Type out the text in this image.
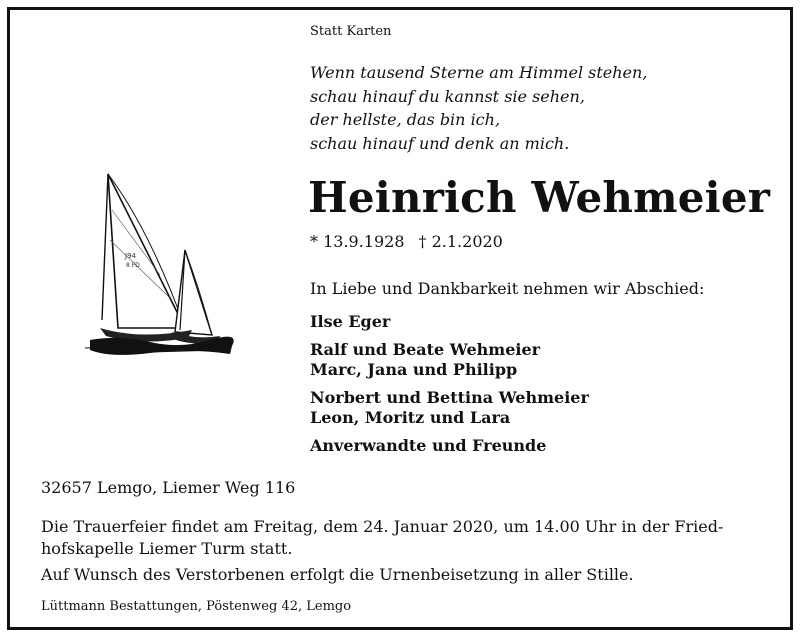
Statt Karten
Wenn tausend Sterne am Himmel stehen,
schau hinauf du kannst sie sehen,
der hellste, das bin ich,
schau hinauf und denk an mich.
J94
8 FD
Heinrich Wehmeier
* 13.9.1928 † 2.1.2020
In Liebe und Dankbarkeit nehmen wir Abschied:
Ilse Eger
Ralf und Beate Wehmeier
Marc, Jana und Philipp
Norbert und Bettina Wehmeier
Leon, Moritz und Lara
Anverwandte und Freunde
32657 Lemgo, Liemer Weg 116
Die Trauerfeier findet am Freitag, dem 24. Januar 2020, um 14.00 Uhr in der Fried-
hofskapelle Liemer Turm statt.
Auf Wunsch des Verstorbenen erfolgt die Urnenbeisetzung in aller Stille.
Lüttmann Bestattungen, Pöstenweg 42, Lemgo
